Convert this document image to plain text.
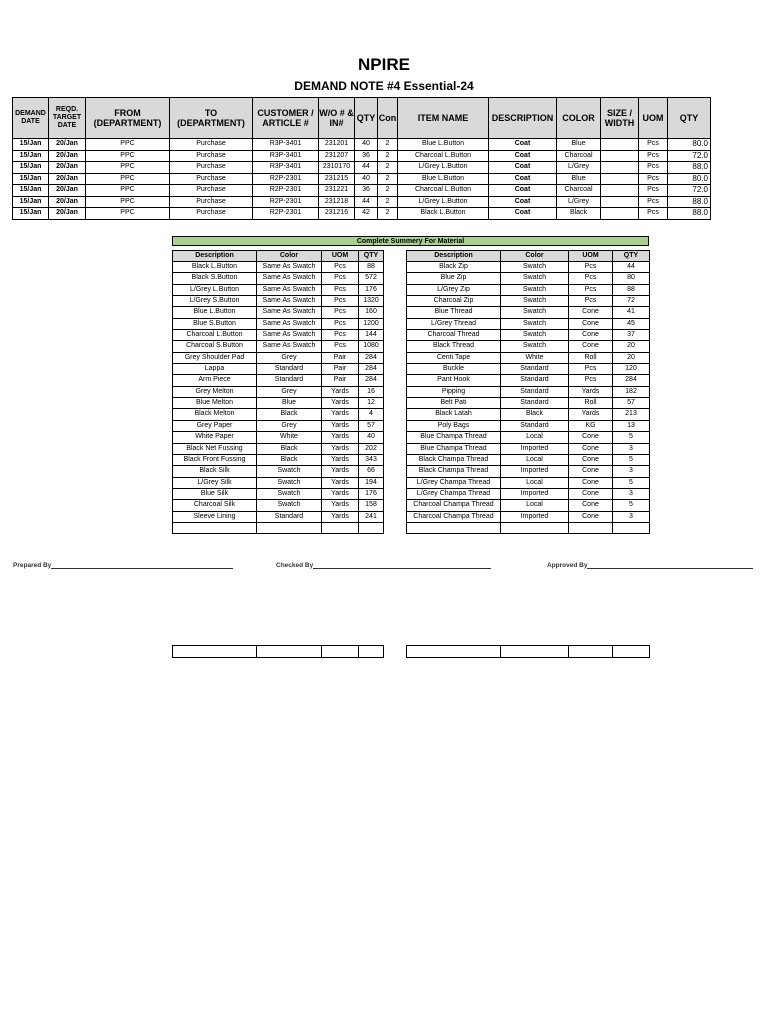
NPIRE
DEMAND NOTE #4 Essential-24
DEMAND DATE	REQD. TARGET DATE	FROM (DEPARTMENT)	TO (DEPARTMENT)	CUSTOMER / ARTICLE #	W/O # & IN#	QTY	Con	ITEM NAME	DESCRIPTION	COLOR	SIZE / WIDTH	UOM	QTY
15/Jan	20/Jan	PPC	Purchase	R3P-3401	231201	40	2	Blue L.Button	Coat	Blue		Pcs	80.0
15/Jan	20/Jan	PPC	Purchase	R3P-3401	231207	36	2	Charcoal L.Button	Coat	Charcoal		Pcs	72.0
15/Jan	20/Jan	PPC	Purchase	R3P-3401	2310170	44	2	L/Grey L.Button	Coat	L/Grey		Pcs	88.0
15/Jan	20/Jan	PPC	Purchase	R2P-2301	231215	40	2	Blue L.Button	Coat	Blue		Pcs	80.0
15/Jan	20/Jan	PPC	Purchase	R2P-2301	231221	36	2	Charcoal L.Button	Coat	Charcoal		Pcs	72.0
15/Jan	20/Jan	PPC	Purchase	R2P-2301	231218	44	2	L/Grey L.Button	Coat	L/Grey		Pcs	88.0
15/Jan	20/Jan	PPC	Purchase	R2P-2301	231216	42	2	Black L.Button	Coat	Black		Pcs	88.0
Complete Summery For Material
Description	Color	UOM	QTY
Black L.Button	Same As Swatch	Pcs	88
Black S.Button	Same As Swatch	Pcs	572
L/Grey L.Button	Same As Swatch	Pcs	176
L/Grey S.Button	Same As Swatch	Pcs	1320
Blue L.Button	Same As Swatch	Pcs	160
Blue S.Button	Same As Swatch	Pcs	1200
Charcoal L.Button	Same As Swatch	Pcs	144
Charcoal S.Button	Same As Swatch	Pcs	1080
Grey Shoulder Pad	Grey	Pair	284
Lappa	Standard	Pair	284
Arm Piece	Standard	Pair	284
Grey Melton	Grey	Yards	16
Blue Melton	Blue	Yards	12
Black Melton	Black	Yards	4
Grey Paper	Grey	Yards	57
White Paper	White	Yards	40
Black Net Fussing	Black	Yards	202
Black Front Fussing	Black	Yards	343
Black Silk	Swatch	Yards	66
L/Grey Silk	Swatch	Yards	194
Blue Silk	Swatch	Yards	176
Charcoal Silk	Swatch	Yards	158
Sleeve Lining	Standard	Yards	241

Description	Color	UOM	QTY
Black Zip	Swatch	Pcs	44
Blue Zip	Swatch	Pcs	80
L/Grey Zip	Swatch	Pcs	88
Charcoal Zip	Swatch	Pcs	72
Blue Thread	Swatch	Cone	41
L/Grey Thread	Swatch	Cone	45
Charcoal Thread	Swatch	Cone	37
Black Thread	Swatch	Cone	20
Centi Tape	White	Roll	20
Buckle	Standard	Pcs	120
Pant Hook	Standard	Pcs	284
Pipping	Standard	Yards	182
Belt Pati	Standard	Roll	57
Black Latah	Black	Yards	213
Poly Bags	Standard	KG	13
Blue Champa Thread	Local	Cone	5
Blue Champa Thread	Imported	Cone	3
Black Champa Thread	Local	Cone	5
Black Champa Thread	Imported	Cone	3
L/Grey Champa Thread	Local	Cone	5
L/Grey Champa Thread	Imported	Cone	3
Charcoal Champa Thread	Local	Cone	5
Charcoal Champa Thread	Imported	Cone	3

Prepared By	Checked By	Approved By
